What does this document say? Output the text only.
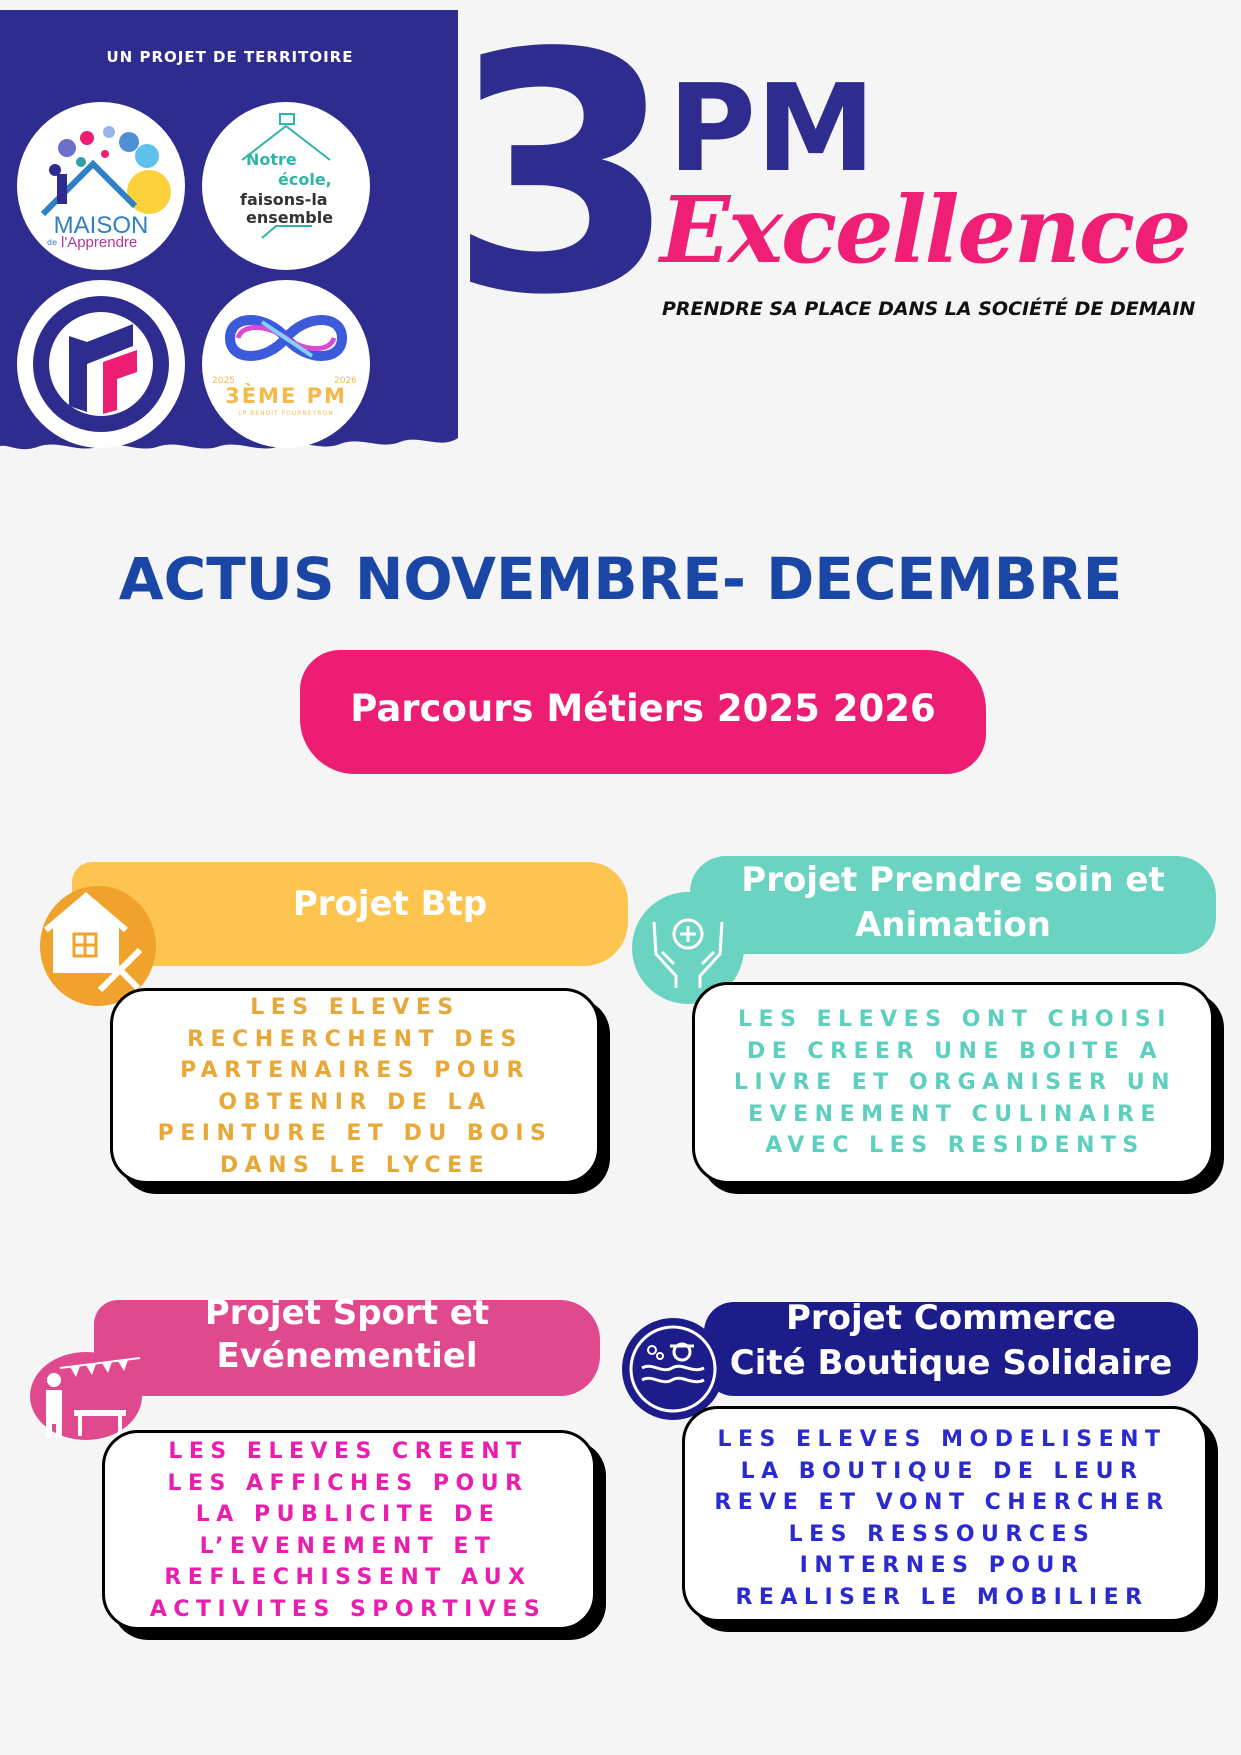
UN PROJET DE TERRITOIRE
MAISON
de l'Apprendre
Notre
école,
faisons-la
ensemble
2025	2026
3ÈME PM
LP BENOIT FOURNEYRON
3 PM
Excellence
PRENDRE SA PLACE DANS LA SOCIÉTÉ DE DEMAIN
ACTUS NOVEMBRE- DECEMBRE
Parcours Métiers 2025 2026
Projet Btp
LES ELEVES
RECHERCHENT DES
PARTENAIRES POUR
OBTENIR DE LA
PEINTURE ET DU BOIS
DANS LE LYCEE
Projet Prendre soin et
Animation
LES ELEVES ONT CHOISI
DE CREER UNE BOITE A
LIVRE ET ORGANISER UN
EVENEMENT CULINAIRE
AVEC LES RESIDENTS
Projet Sport et
Evénementiel
LES ELEVES CREENT
LES AFFICHES POUR
LA PUBLICITE DE
L’EVENEMENT ET
REFLECHISSENT AUX
ACTIVITES SPORTIVES
Projet Commerce
Cité Boutique Solidaire
LES ELEVES MODELISENT
LA BOUTIQUE DE LEUR
REVE ET VONT CHERCHER
LES RESSOURCES
INTERNES POUR
REALISER LE MOBILIER
